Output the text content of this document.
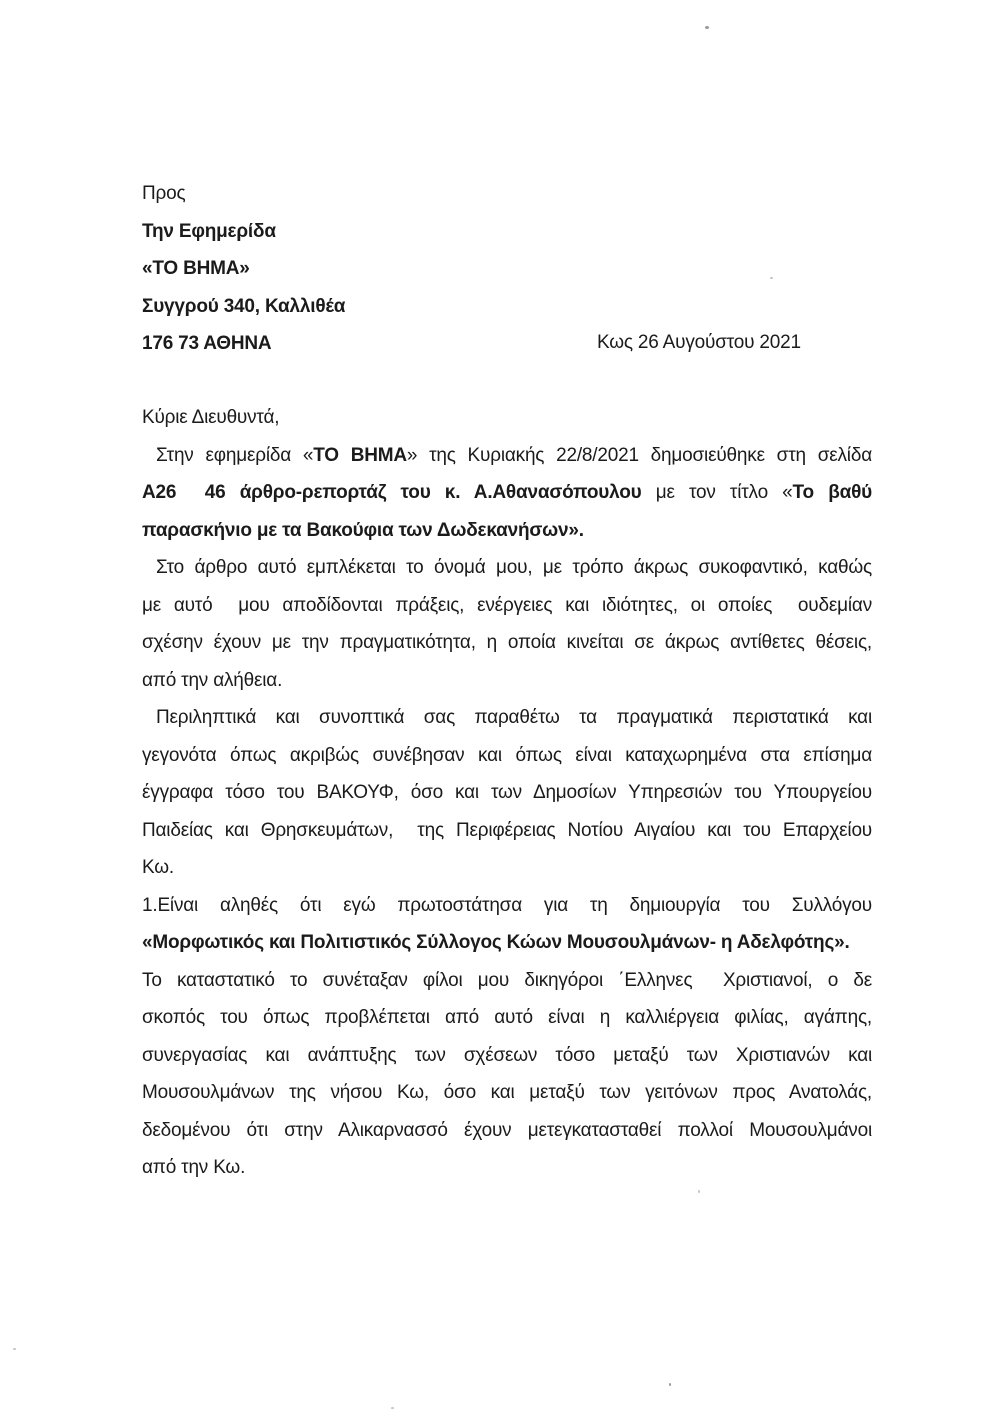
Προς
Την Εφημερίδα
«ΤΟ ΒΗΜΑ»
Συγγρού 340, Καλλιθέα
176 73 ΑΘΗΝΑ	Κως 26 Αυγούστου 2021
Κύριε Διευθυντά,
Στην εφημερίδα «ΤΟ ΒΗΜΑ» της Κυριακής 22/8/2021 δημοσιεύθηκε στη σελίδα
Α26  46 άρθρο-ρεπορτάζ του κ. Α.Αθανασόπουλου με τον τίτλο «Το βαθύ
παρασκήνιο με τα Βακούφια των Δωδεκανήσων».
Στο άρθρο αυτό εμπλέκεται το όνομά μου, με τρόπο άκρως συκοφαντικό, καθώς
με αυτό  μου αποδίδονται πράξεις, ενέργειες και ιδιότητες, οι οποίες  ουδεμίαν
σχέσην έχουν με την πραγματικότητα, η οποία κινείται σε άκρως αντίθετες θέσεις,
από την αλήθεια.
Περιληπτικά και συνοπτικά σας παραθέτω τα πραγματικά περιστατικά και
γεγονότα όπως ακριβώς συνέβησαν και όπως είναι καταχωρημένα στα επίσημα
έγγραφα τόσο του ΒΑΚΟΥΦ, όσο και των Δημοσίων Υπηρεσιών του Υπουργείου
Παιδείας και Θρησκευμάτων,  της Περιφέρειας Νοτίου Αιγαίου και του Επαρχείου
Κω.
1.Είναι αληθές ότι εγώ πρωτοστάτησα για τη δημιουργία του Συλλόγου
«Μορφωτικός και Πολιτιστικός Σύλλογος Κώων Μουσουλμάνων- η Αδελφότης».
Το καταστατικό το συνέταξαν φίλοι μου δικηγόροι ΄Ελληνες  Χριστιανοί, ο δε
σκοπός του όπως προβλέπεται από αυτό είναι η καλλιέργεια φιλίας, αγάπης,
συνεργασίας και ανάπτυξης των σχέσεων τόσο μεταξύ των Χριστιανών και
Μουσουλμάνων της νήσου Κω, όσο και μεταξύ των γειτόνων προς Ανατολάς,
δεδομένου ότι στην Αλικαρνασσό έχουν μετεγκατασταθεί πολλοί Μουσουλμάνοι
από την Κω.
